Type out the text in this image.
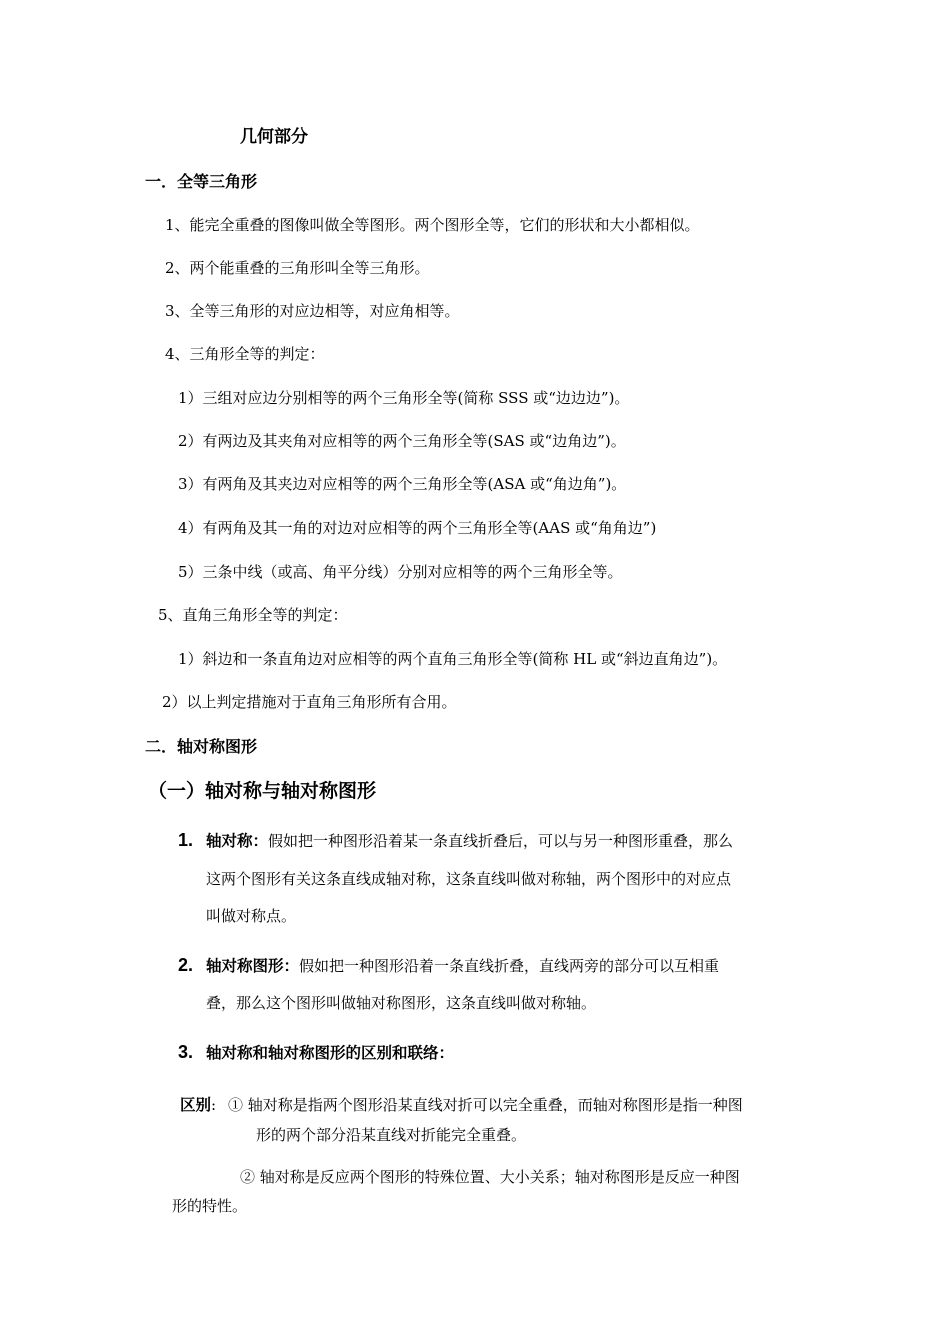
几何部分
一．全等三角形
1、能完全重叠的图像叫做全等图形。两个图形全等，它们的形状和大小都相似。
2、两个能重叠的三角形叫全等三角形。
3、全等三角形的对应边相等，对应角相等。
4、三角形全等的判定：
1）三组对应边分别相等的两个三角形全等(简称 SSS 或“边边边”)。
2）有两边及其夹角对应相等的两个三角形全等(SAS 或“边角边”)。
3）有两角及其夹边对应相等的两个三角形全等(ASA 或“角边角”)。
4）有两角及其一角的对边对应相等的两个三角形全等(AAS 或“角角边”)
5）三条中线（或高、角平分线）分别对应相等的两个三角形全等。
5、直角三角形全等的判定：
1）斜边和一条直角边对应相等的两个直角三角形全等(简称 HL 或“斜边直角边”)。
2）以上判定措施对于直角三角形所有合用。
二．轴对称图形
（一）轴对称与轴对称图形
1. 轴对称：假如把一种图形沿着某一条直线折叠后，可以与另一种图形重叠，那么
这两个图形有关这条直线成轴对称，这条直线叫做对称轴，两个图形中的对应点
叫做对称点。
2. 轴对称图形：假如把一种图形沿着一条直线折叠，直线两旁的部分可以互相重
叠，那么这个图形叫做轴对称图形，这条直线叫做对称轴。
3. 轴对称和轴对称图形的区别和联络：
区别: ① 轴对称是指两个图形沿某直线对折可以完全重叠，而轴对称图形是指一种图
形的两个部分沿某直线对折能完全重叠。
② 轴对称是反应两个图形的特殊位置、大小关系；轴对称图形是反应一种图
形的特性。
